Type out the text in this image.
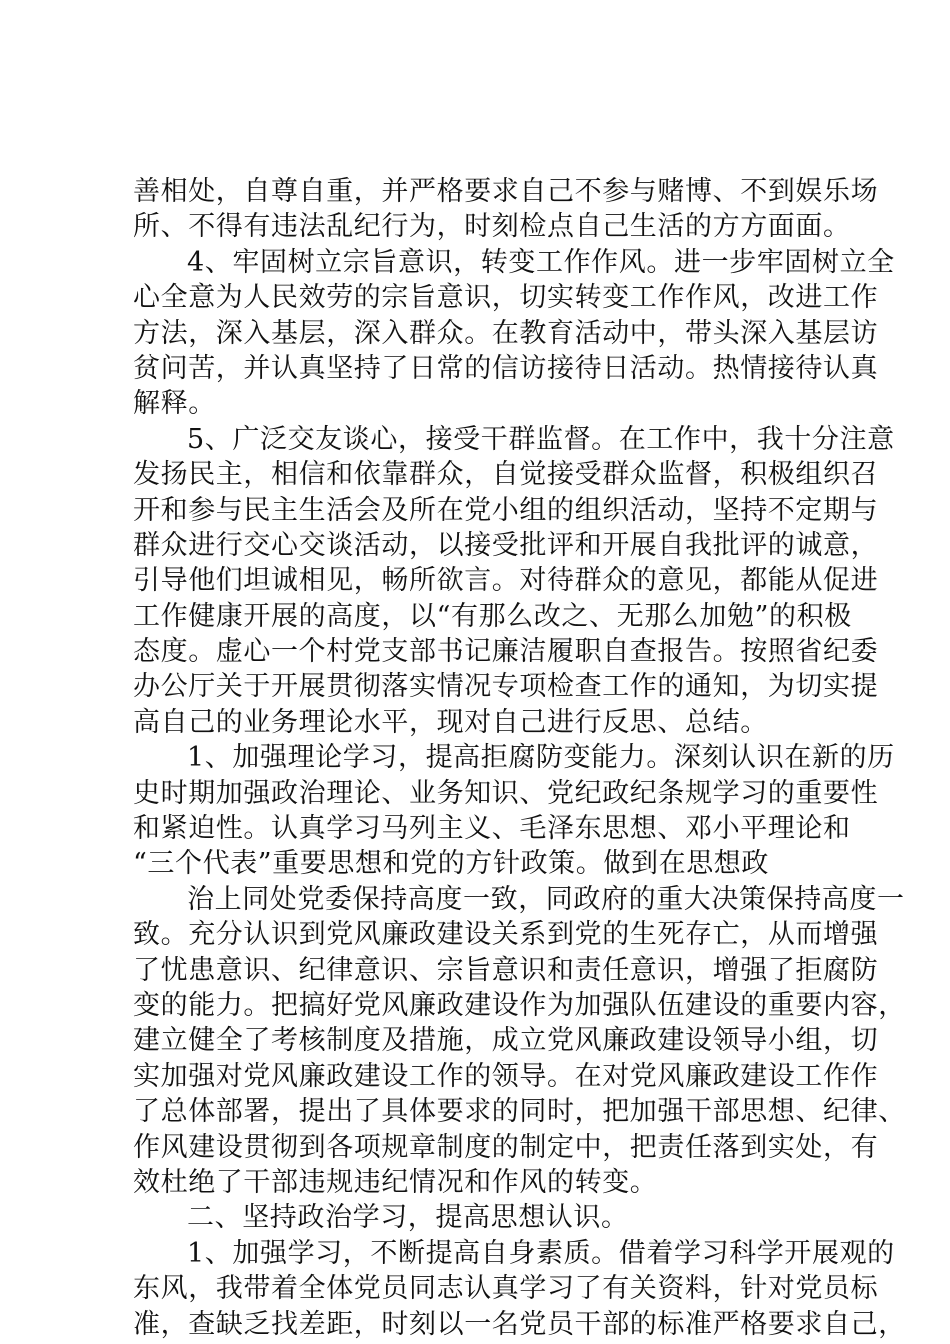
善相处，自尊自重，并严格要求自己不参与赌博、不到娱乐场
所、不得有违法乱纪行为，时刻检点自己生活的方方面面。
4、牢固树立宗旨意识，转变工作作风。进一步牢固树立全
心全意为人民效劳的宗旨意识，切实转变工作作风，改进工作
方法，深入基层，深入群众。在教育活动中，带头深入基层访
贫问苦，并认真坚持了日常的信访接待日活动。热情接待认真
解释。
5、广泛交友谈心，接受干群监督。在工作中，我十分注意
发扬民主，相信和依靠群众，自觉接受群众监督，积极组织召
开和参与民主生活会及所在党小组的组织活动，坚持不定期与
群众进行交心交谈活动，以接受批评和开展自我批评的诚意，
引导他们坦诚相见，畅所欲言。对待群众的意见，都能从促进
工作健康开展的高度，以“有那么改之、无那么加勉”的积极
态度。虚心一个村党支部书记廉洁履职自查报告。按照省纪委
办公厅关于开展贯彻落实情况专项检查工作的通知，为切实提
高自己的业务理论水平，现对自己进行反思、总结。
1、加强理论学习，提高拒腐防变能力。深刻认识在新的历
史时期加强政治理论、业务知识、党纪政纪条规学习的重要性
和紧迫性。认真学习马列主义、毛泽东思想、邓小平理论和
“三个代表”重要思想和党的方针政策。做到在思想政
治上同处党委保持高度一致，同政府的重大决策保持高度一
致。充分认识到党风廉政建设关系到党的生死存亡，从而增强
了忧患意识、纪律意识、宗旨意识和责任意识，增强了拒腐防
变的能力。把搞好党风廉政建设作为加强队伍建设的重要内容，
建立健全了考核制度及措施，成立党风廉政建设领导小组，切
实加强对党风廉政建设工作的领导。在对党风廉政建设工作作
了总体部署，提出了具体要求的同时，把加强干部思想、纪律、
作风建设贯彻到各项规章制度的制定中，把责任落到实处，有
效杜绝了干部违规违纪情况和作风的转变。
二、坚持政治学习，提高思想认识。
1、加强学习，不断提高自身素质。借着学习科学开展观的
东风，我带着全体党员同志认真学习了有关资料，针对党员标
准，查缺乏找差距，时刻以一名党员干部的标准严格要求自己，
